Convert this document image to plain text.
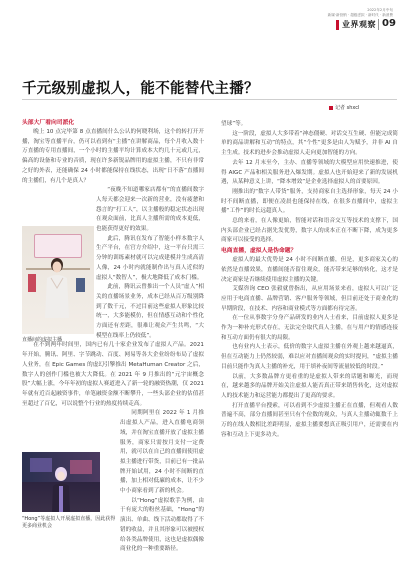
2022年2月中旬
新媒·新营销 · 超级虚拟 · 新时代 · 新消费
业界观察 09
千元级别虚拟人，能不能替代主播？
记者 shxcl
头部大厂看向司派化

晚上 10 点完毕第 8 点直播间什么公认的何晓利场，这个的转打开开播，淘宝等直播平台，仍可以看到有“主播”在讲解商品，每个月收入数十万直播的专用直播间，一个小时的主播平均计算成本大约几十元或几元，偏高的设备和专业的音质，现在许多新锐品牌用的虚拟主播，不只有非常之好的外表，还能确保 24 小时都能保持在线状态，出现“日不落”直播间的主播们，有几个是真人？

“夜晚不知道哪家店都有”的直播间数字人每天都会迎来一次新的营业，没有疲惫和怨言的“打工人”，以主播般的稳定状态出现在观众面前，比真人主播所需的成本更低，也能获得更好的效果。

此后，腾讯在发布了智能小样本数字人生产平台，在官方介绍中，这一平台只需三分钟的训练素材就可以完成建模并生成高清人像，24 小时内就能制作出与真人近似的虚拟人“数智人”，极大地降低了成本门槛。

此前，腾讯云曾推出一个人员“虚人”相关的直播场景业务，成本已经从百万级别降到了数千元，不过目前这些虚拟人形象比较统一，大多能模仿，但在情感互动和个性化方面还有差距，很难让观众产生共鸣，“大模型在线率上仍较低”。

在不到两年时间里，国内已有几十家企业发布了虚拟人产品。2021 年开始，腾讯、阿里、字节跳动、百度、网易等各大企业纷纷布局了虚拟人业务，在 Epic Games 的虚幻引擎推出 MetaHuman Creator 之后，数字人的创作门槛也被大大降低。在 2021 年 9 月推出的“元宇宙概念股”大幅上涨，今年年初的虚拟人赛道进入了新一轮的融资热潮，仅 2021 年就有近百起融资事件，单笔融资金额不断攀升，一些头部企业的估值甚至超过了百亿，可以说整个行业的热度持续走高。

同期阿里在 2022 年 1 月推出虚拟人产品，进入直播电商领域，并在淘宝直播开放了虚拟主播服务，商家只需按月支付一定费用，就可以在自己的直播间使用虚拟主播进行带货，目前已有一批品牌开始试用，24 小时不间断的直播，加上相对低廉的成本，让不少中小商家看到了新的机会。

以“Hong”虚拟歌手为例，由于有庞大的粉丝基础，“Hong”的演出、单曲、线下活动都取得了不错的收益，并且其形象可以被授权给各类品牌使用，这也是虚拟偶像商业化的一种重要路径。

直播间的虚拟主播
“Hong”等虚拟人开展虚拟直播，因此获得更多商业机会

望球”等。

这一阶段，虚拟人大多带着“神态僵硬、对话交互生硬、但能完成简单的商品讲解和互动”的特点，其“个性”更多是由人为赋予，并非 AI 自主生成。技术的进步会推动虚拟人走向更加智能的方向。

去年 12 月末至今，主办、直播等领域的大模型应用快速推进，使得 AIGC 产品和相关服务进入爆发期。虚拟人也开始迎来了新的发展机遇，从某种意义上讲，“降本增效”是企业选择虚拟人的首要原因。

刚推出的“数字人带货”服务，支持商家自主选择形象，每天 24 小时不间断直播，即便在凌晨也能保持在线，在很多直播间中，虚拟主播“工作”的时长远超真人。

总的来看，在人像更始，智能对话和语音交互等技术的支撑下，国内头部企业已经占据先发优势，数字人的成本正在不断下降，成为更多商家可以接受的选择。

电商直播，虚拟人是伪命题？

虚拟人的最大优势是 24 小时不间断直播，但是，更多商家关心的依然是直播效果，直播间能否留住观众，能否带来足够的转化，这才是决定商家是否继续使用虚拟主播的关键。

艾媒咨询 CEO 张毅就曾指出，从应用场景来看，虚拟人可以广泛应用于电商直播、品牌营销、客户服务等领域，但目前还处于商业化的早期阶段，在技术、内容和商业模式等方面都有待完善。

在一位从事数字分身产品研发的业内人士看来，目前虚拟人更多是作为一种补充形式存在，无法完全取代真人主播，在与用户的情感连接和互动方面仍有很大的局限。

也有业内人士表示，低价的数字人虚拟主播在外观上越来越逼真，但在互动能力上仍然较弱，难以应对直播间观众的实时提问，“虚拟主播目前只能作为真人主播的补充，用于填补夜间等流量较低的时段。”

以前，大多数品牌方更看重的是虚拟人带来的话题和曝光，而现在，越来越多的品牌开始关注虚拟人能否真正带来销售转化，这对虚拟人的技术能力和运营能力都提出了更高的要求。

打开直播平台搜索，可以看到不少虚拟主播正在直播，但观看人数普遍不高，部分直播间甚至只有个位数的观众，与真人主播动辄数千上万的在线人数相比差距明显，虚拟主播要想真正吸引用户，还需要在内容和互动上下更多功夫。
